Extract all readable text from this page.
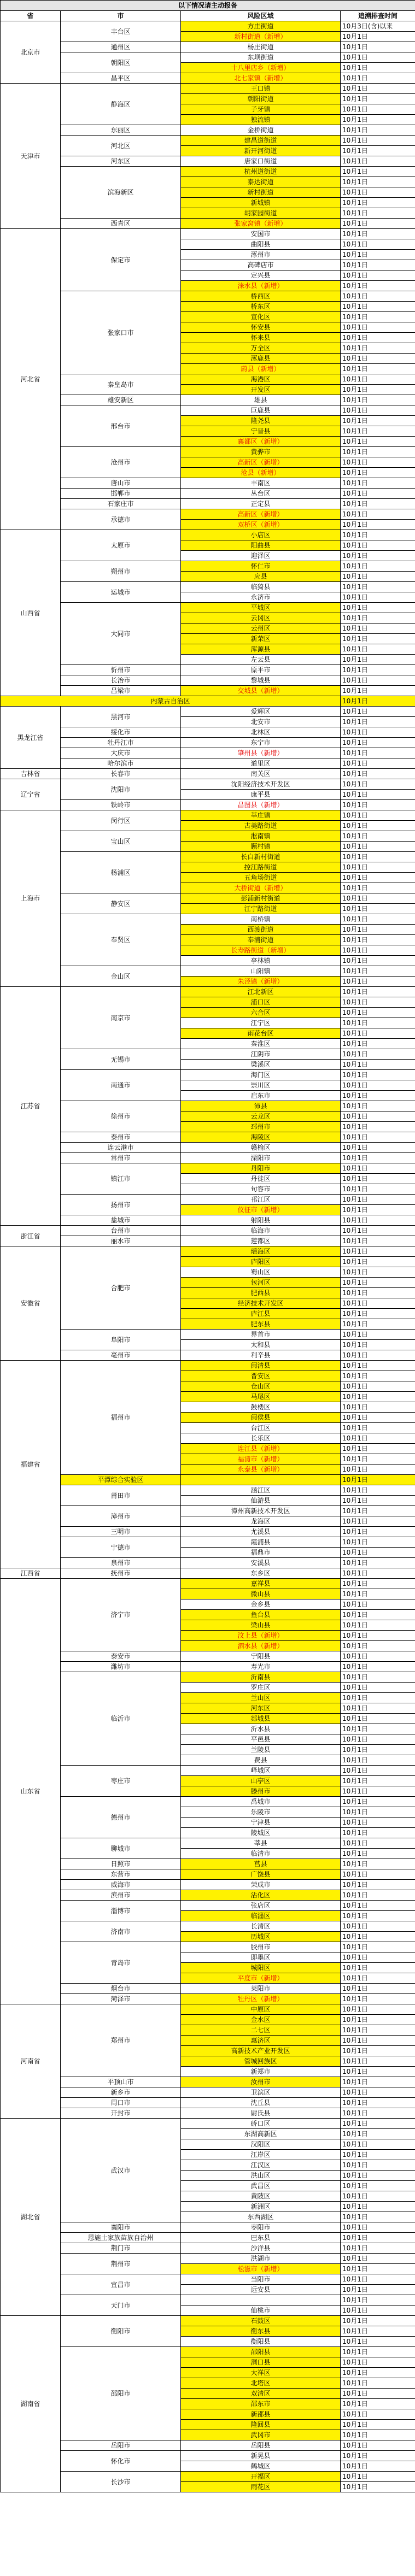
以下情况请主动报备			
省	市	风险区域	追溯排查时间
北京市	丰台区	方庄街道	10月3日(含)以来
		新村街道（新增）	10月1日
	通州区	杨庄街道	10月1日
	朝阳区	东坝街道	10月1日
		十八里店乡（新增）	10月1日
	昌平区	北七家镇（新增）	10月1日
天津市	静海区	王口镇	10月1日
		朝阳街道	10月1日
		子牙镇	10月1日
		独流镇	10月1日
	东丽区	金桥街道	10月1日
	河北区	建昌道街道	10月1日
		新开河街道	10月1日
	河东区	唐家口街道	10月1日
	滨海新区	杭州道街道	10月1日
		泰达街道	10月1日
		新村街道	10月1日
		新城镇	10月1日
		胡家园街道	10月1日
	西青区	张家窝镇（新增）	10月1日
河北省	保定市	安国市	10月1日
		曲阳县	10月1日
		涿州市	10月1日
		高碑店市	10月1日
		定兴县	10月1日
		涞水县（新增）	10月1日
	张家口市	桥西区	10月1日
		桥东区	10月1日
		宣化区	10月1日
		怀安县	10月1日
		怀来县	10月1日
		万全区	10月1日
		涿鹿县	10月1日
		蔚县（新增）	10月1日
	秦皇岛市	海港区	10月1日
		开发区	10月1日
	雄安新区	雄县	10月1日
	邢台市	巨鹿县	10月1日
		隆尧县	10月1日
		宁晋县	10月1日
		襄都区（新增）	10月1日
	沧州市	黄骅市	10月1日
		高新区（新增）	10月1日
		沧县（新增）	10月1日
	唐山市	丰南区	10月1日
	邯郸市	丛台区	10月1日
	石家庄市	正定县	10月1日
	承德市	高新区（新增）	10月1日
		双桥区（新增）	10月1日
山西省	太原市	小店区	10月1日
		阳曲县	10月1日
		迎泽区	10月1日
	朔州市	怀仁市	10月1日
		应县	10月1日
	运城市	临猗县	10月1日
		永济市	10月1日
	大同市	平城区	10月1日
		云冈区	10月1日
		云州区	10月1日
		新荣区	10月1日
		浑源县	10月1日
		左云县	10月1日
	忻州市	原平市	10月1日
	长治市	黎城县	10月1日
	吕梁市	交城县（新增）	10月1日
内蒙古自治区			10月1日
黑龙江省	黑河市	爱辉区	10月1日
		北安市	10月1日
	绥化市	北林区	10月1日
	牡丹江市	东宁市	10月1日
	大庆市	肇州县（新增）	10月1日
	哈尔滨市	道里区	10月1日
吉林省	长春市	南关区	10月1日
辽宁省	沈阳市	沈阳经济技术开发区	10月1日
		康平县	10月1日
	铁岭市	昌图县（新增）	10月1日
上海市	闵行区	莘庄镇	10月1日
		古美路街道	10月1日
	宝山区	淞南镇	10月1日
		顾村镇	10月1日
	杨浦区	长白新村街道	10月1日
		控江路街道	10月1日
		五角场街道	10月1日
		大桥街道（新增）	10月1日
	静安区	彭浦新村街道	10月1日
		江宁路街道	10月1日
	奉贤区	南桥镇	10月1日
		西渡街道	10月1日
		奉浦街道	10月1日
		长寿路街道（新增）	10月1日
		亭林镇	10月1日
	金山区	山阳镇	10月1日
		朱泾镇（新增）	10月1日
江苏省	南京市	江北新区	10月1日
		浦口区	10月1日
		六合区	10月1日
		江宁区	10月1日
		雨花台区	10月1日
		秦淮区	10月1日
	无锡市	江阴市	10月1日
		梁溪区	10月1日
	南通市	海门区	10月1日
		崇川区	10月1日
		启东市	10月1日
	徐州市	沛县	10月1日
		云龙区	10月1日
		邳州市	10月1日
	泰州市	海陵区	10月1日
	连云港市	赣榆区	10月1日
	常州市	溧阳市	10月1日
	镇江市	丹阳市	10月1日
		丹徒区	10月1日
		句容市	10月1日
	扬州市	邗江区	10月1日
		仪征市（新增）	10月1日
	盐城市	射阳县	10月1日
浙江省	台州市	临海市	10月1日
	丽水市	莲都区	10月1日
安徽省	合肥市	瑶海区	10月1日
		庐阳区	10月1日
		蜀山区	10月1日
		包河区	10月1日
		肥西县	10月1日
		经济技术开发区	10月1日
		庐江县	10月1日
		肥东县	10月1日
	阜阳市	界首市	10月1日
		太和县	10月1日
	亳州市	利辛县	10月1日
福建省	福州市	闽清县	10月1日
		晋安区	10月1日
		仓山区	10月1日
		马尾区	10月1日
		鼓楼区	10月1日
		闽侯县	10月1日
		台江区	10月1日
		长乐区	10月1日
		连江县（新增）	10月1日
		福清市（新增）	10月1日
		永泰县（新增）	10月1日
	平潭综合实验区		10月1日
	莆田市	涵江区	10月1日
		仙游县	10月1日
	漳州市	漳州高新技术开发区	10月1日
		龙海区	10月1日
	三明市	尤溪县	10月1日
	宁德市	霞浦县	10月1日
		福鼎市	10月1日
	泉州市	安溪县	10月1日
江西省	抚州市	东乡区	10月1日
山东省	济宁市	嘉祥县	10月1日
		微山县	10月1日
		金乡县	10月1日
		鱼台县	10月1日
		梁山县	10月1日
		汶上县（新增）	10月1日
		泗水县（新增）	10月1日
	泰安市	宁阳县	10月1日
	潍坊市	寿光市	10月1日
	临沂市	沂南县	10月1日
		罗庄区	10月1日
		兰山区	10月1日
		河东区	10月1日
		郯城县	10月1日
		沂水县	10月1日
		平邑县	10月1日
		兰陵县	10月1日
		费县	10月1日
	枣庄市	峄城区	10月1日
		山亭区	10月1日
		滕州市	10月1日
	德州市	禹城市	10月1日
		乐陵市	10月1日
		宁津县	10月1日
		陵城区	10月1日
	聊城市	莘县	10月1日
		临清市	10月1日
	日照市	莒县	10月1日
	东营市	广饶县	10月1日
	威海市	荣成市	10月1日
	滨州市	沾化区	10月1日
	淄博市	张店区	10月1日
		临淄区	10月1日
	济南市	长清区	10月1日
		历城区	10月1日
	青岛市	胶州市	10月1日
		即墨区	10月1日
		城阳区	10月1日
		平度市（新增）	10月1日
	烟台市	莱阳市	10月1日
	菏泽市	牡丹区（新增）	10月1日
河南省	郑州市	中原区	10月1日
		金水区	10月1日
		二七区	10月1日
		惠济区	10月1日
		高新技术产业开发区	10月1日
		管城回族区	10月1日
		新郑市	10月1日
	平顶山市	汝州市	10月1日
	新乡市	卫滨区	10月1日
	周口市	沈丘县	10月1日
	开封市	尉氏县	10月1日
湖北省	武汉市	硚口区	10月1日
		东湖高新区	10月1日
		汉阳区	10月1日
		江岸区	10月1日
		江汉区	10月1日
		洪山区	10月1日
		武昌区	10月1日
		黄陂区	10月1日
		新洲区	10月1日
		东西湖区	10月1日
	襄阳市	枣阳市	10月1日
	恩施土家族苗族自治州	巴东县	10月1日
	荆门市	沙洋县	10月1日
	荆州市	洪湖市	10月1日
		松滋市（新增）	10月1日
	宜昌市	当阳市	10月1日
		远安县	10月1日
	天门市		10月1日
		仙桃市	10月1日
湖南省	衡阳市	石鼓区	10月1日
		衡东县	10月1日
		衡阳县	10月1日
	邵阳市	邵阳县	10月1日
		洞口县	10月1日
		大祥区	10月1日
		北塔区	10月1日
		双清区	10月1日
		邵东市	10月1日
		新邵县	10月1日
		隆回县	10月1日
		武冈市	10月1日
	岳阳市	岳阳县	10月1日
	怀化市	新晃县	10月1日
		鹤城区	10月1日
	长沙市	开福区	10月1日
		雨花区	10月1日
